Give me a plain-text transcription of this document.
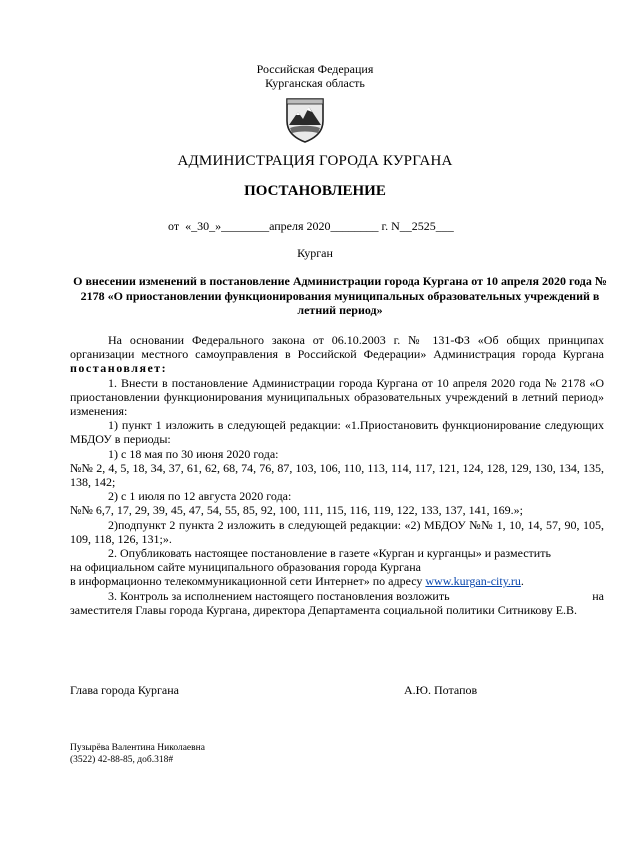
Российская Федерация
Курганская область
АДМИНИСТРАЦИЯ ГОРОДА КУРГАНА
ПОСТАНОВЛЕНИЕ
от  «_30_»________апреля 2020________ г. N__2525___
Курган
О внесении изменений в постановление Администрации города Кургана от 10 апреля 2020 года № 2178 «О приостановлении функционирования муниципальных образовательных учреждений в летний период»

На основании Федерального закона от 06.10.2003 г. № 131-ФЗ «Об общих принципах организации местного самоуправления в Российской Федерации» Администрация города Кургана постановляет:

1. Внести в постановление Администрации города Кургана от 10 апреля 2020 года № 2178 «О приостановлении функционирования муниципальных образовательных учреждений в летний период» изменения:

1) пункт 1 изложить в следующей редакции: «1.Приостановить функционирование следующих МБДОУ в периоды:

1) с 18 мая по 30 июня 2020 года:

№№ 2, 4, 5, 18, 34, 37, 61, 62, 68, 74, 76, 87, 103, 106, 110, 113, 114, 117, 121, 124, 128, 129, 130, 134, 135, 138, 142;

2) с 1 июля по 12 августа 2020 года:

№№ 6,7, 17, 29, 39, 45, 47, 54, 55, 85, 92, 100, 111, 115, 116, 119, 122, 133, 137, 141, 169.»;

2)подпункт 2 пункта 2 изложить в следующей редакции: «2) МБДОУ №№ 1, 10, 14, 57, 90, 105, 109, 118, 126, 131;».

2. Опубликовать настоящее постановление в газете «Курган и курганцы» и разместить

на официальном сайте муниципального образования города Кургана

в информационно телекоммуникационной сети Интернет» по адресу www.kurgan-city.ru.

3. Контроль за исполнением настоящего постановления возложить	на

заместителя Главы города Кургана, директора Департамента социальной политики Ситникову Е.В.

Глава города Кургана	А.Ю. Потапов
Пузырёва Валентина Николаевна
(3522) 42-88-85, доб.318#
